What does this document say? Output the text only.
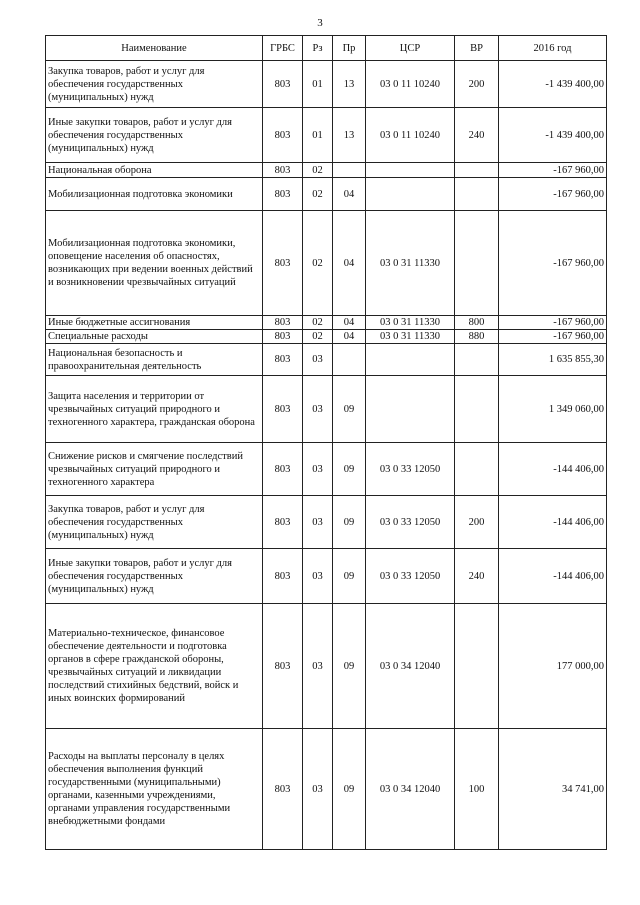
3
Наименование	ГРБС	Рз	Пр	ЦСР	ВР	2016 год
Закупка товаров, работ и услуг для обеспечения государственных (муниципальных) нужд	803	01	13	03 0 11 10240	200	-1 439 400,00
Иные закупки товаров, работ и услуг для обеспечения государственных (муниципальных) нужд	803	01	13	03 0 11 10240	240	-1 439 400,00
Национальная оборона	803	02				-167 960,00
Мобилизационная подготовка экономики	803	02	04			-167 960,00
Мобилизационная подготовка экономики, оповещение населения об опасностях, возникающих при ведении военных действий и возникновении чрезвычайных ситуаций	803	02	04	03 0 31 11330		-167 960,00
Иные бюджетные ассигнования	803	02	04	03 0 31 11330	800	-167 960,00
Специальные расходы	803	02	04	03 0 31 11330	880	-167 960,00
Национальная безопасность и правоохранительная деятельность	803	03				1 635 855,30
Защита населения и территории от чрезвычайных ситуаций природного и техногенного характера, гражданская оборона	803	03	09			1 349 060,00
Снижение рисков и смягчение последствий чрезвычайных ситуаций природного и техногенного характера	803	03	09	03 0 33 12050		-144 406,00
Закупка товаров, работ и услуг для обеспечения государственных (муниципальных) нужд	803	03	09	03 0 33 12050	200	-144 406,00
Иные закупки товаров, работ и услуг для обеспечения государственных (муниципальных) нужд	803	03	09	03 0 33 12050	240	-144 406,00
Материально-техническое, финансовое обеспечение деятельности и подготовка органов в сфере гражданской обороны, чрезвычайных ситуаций и ликвидации последствий стихийных бедствий, войск и иных воинских формирований	803	03	09	03 0 34 12040		177 000,00
Расходы на выплаты персоналу в целях обеспечения выполнения функций государственными (муниципальными) органами, казенными учреждениями, органами управления государственными внебюджетными фондами	803	03	09	03 0 34 12040	100	34 741,00
